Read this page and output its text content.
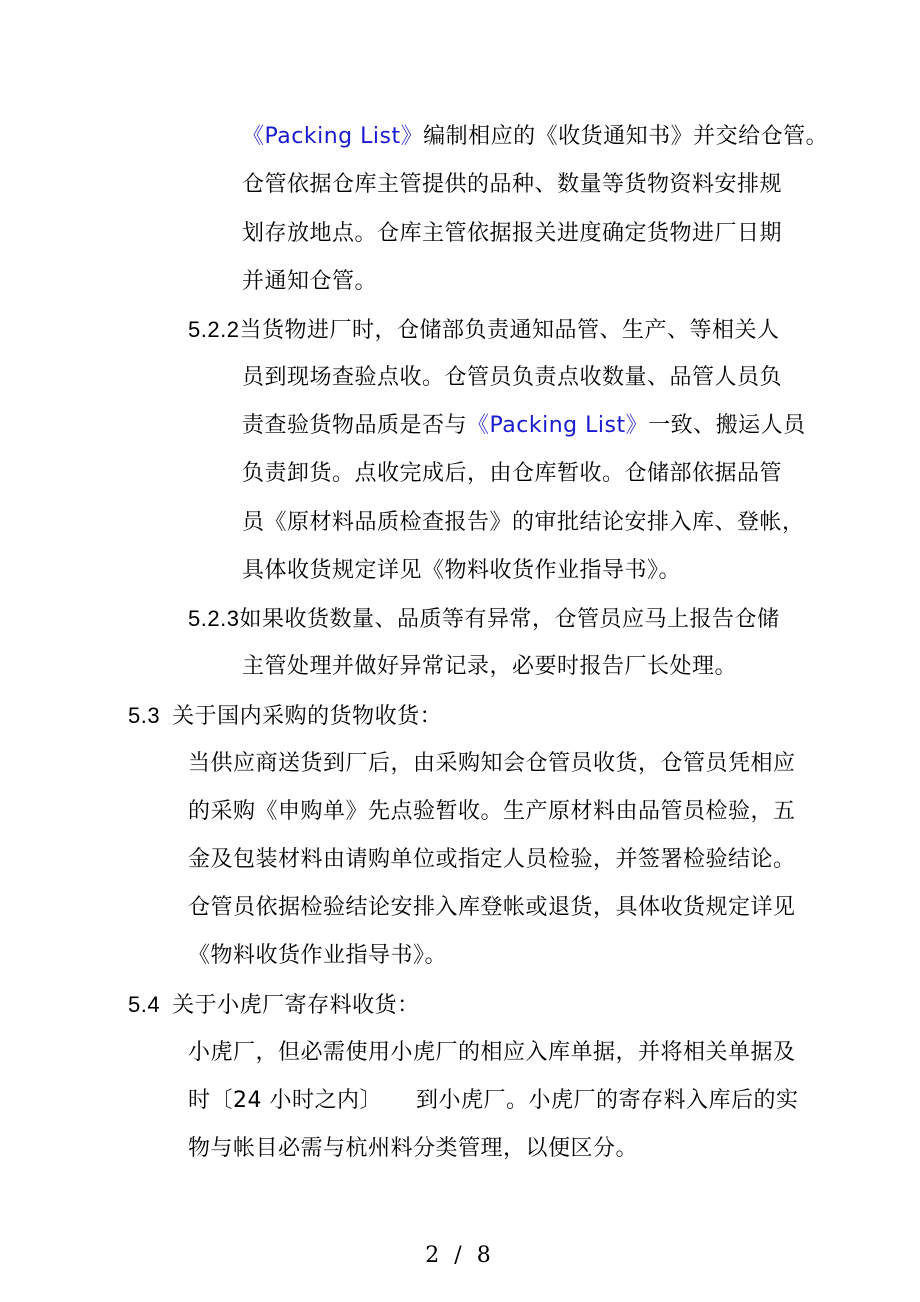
《Packing List》编制相应的《收货通知书》并交给仓管。
仓管依据仓库主管提供的品种、数量等货物资料安排规
划存放地点。仓库主管依据报关进度确定货物进厂日期
并通知仓管。
5.2.2当货物进厂时，仓储部负责通知品管、生产、等相关人
员到现场查验点收。仓管员负责点收数量、品管人员负
责查验货物品质是否与《Packing List》一致、搬运人员
负责卸货。点收完成后，由仓库暂收。仓储部依据品管
员《原材料品质检查报告》的审批结论安排入库、登帐，
具体收货规定详见《物料收货作业指导书》。
5.2.3如果收货数量、品质等有异常，仓管员应马上报告仓储
主管处理并做好异常记录，必要时报告厂长处理。
5.3 关于国内采购的货物收货：
当供应商送货到厂后，由采购知会仓管员收货，仓管员凭相应
的采购《申购单》先点验暂收。生产原材料由品管员检验，五
金及包装材料由请购单位或指定人员检验，并签署检验结论。
仓管员依据检验结论安排入库登帐或退货，具体收货规定详见
《物料收货作业指导书》。
5.4 关于小虎厂寄存料收货：
小虎厂，但必需使用小虎厂的相应入库单据，并将相关单据及
时〔24 小时之内〕 到小虎厂。小虎厂的寄存料入库后的实
物与帐目必需与杭州料分类管理，以便区分。
2 / 8
